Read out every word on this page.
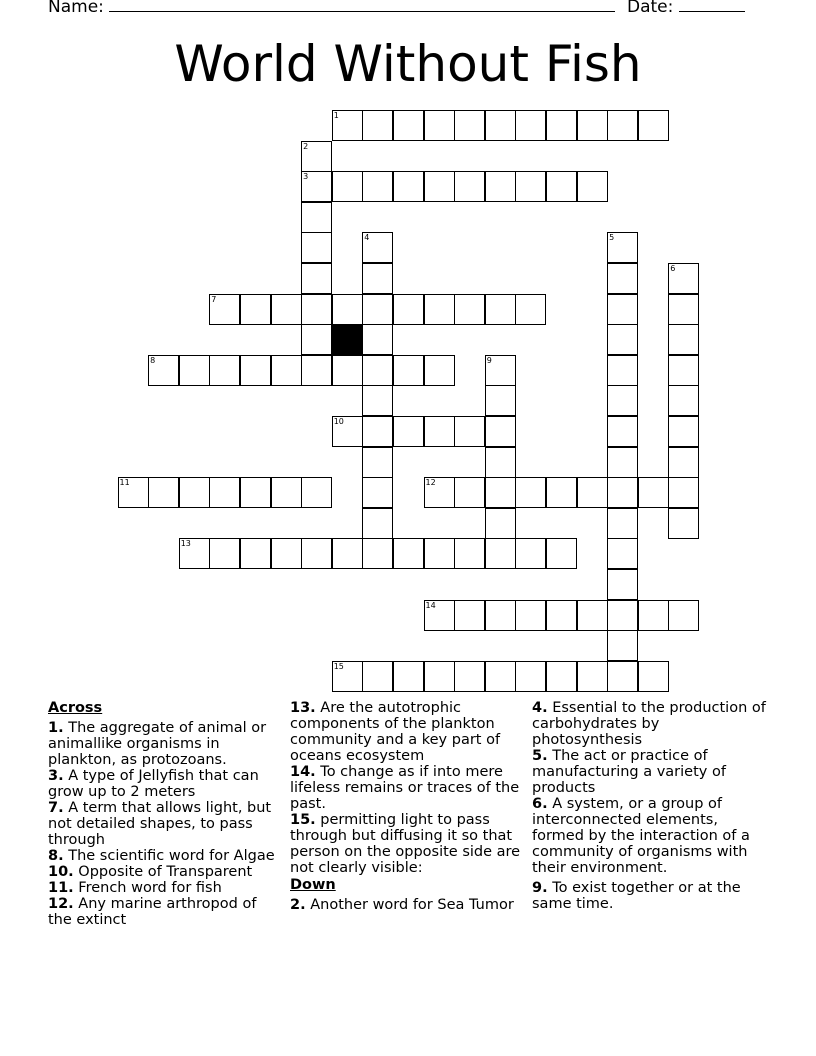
Name:	Date:
World Without Fish
1
2
3
4	5
6
7
8	9
10
11	12
13
14
15
Across
1. The aggregate of animal or animallike organisms in plankton, as protozoans.
3. A type of Jellyfish that can grow up to 2 meters
7. A term that allows light, but not detailed shapes, to pass through
8. The scientific word for Algae
10. Opposite of Transparent
11. French word for fish
12. Any marine arthropod of the extinct
13. Are the autotrophic components of the plankton community and a key part of oceans ecosystem
14. To change as if into mere lifeless remains or traces of the past.
15. permitting light to pass through but diffusing it so that person on the opposite side are not clearly visible:
Down
2. Another word for Sea Tumor
4. Essential to the production of carbohydrates by photosynthesis
5. The act or practice of manufacturing a variety of products
6. A system, or a group of interconnected elements, formed by the interaction of a community of organisms with their environment.
9. To exist together or at the same time.
